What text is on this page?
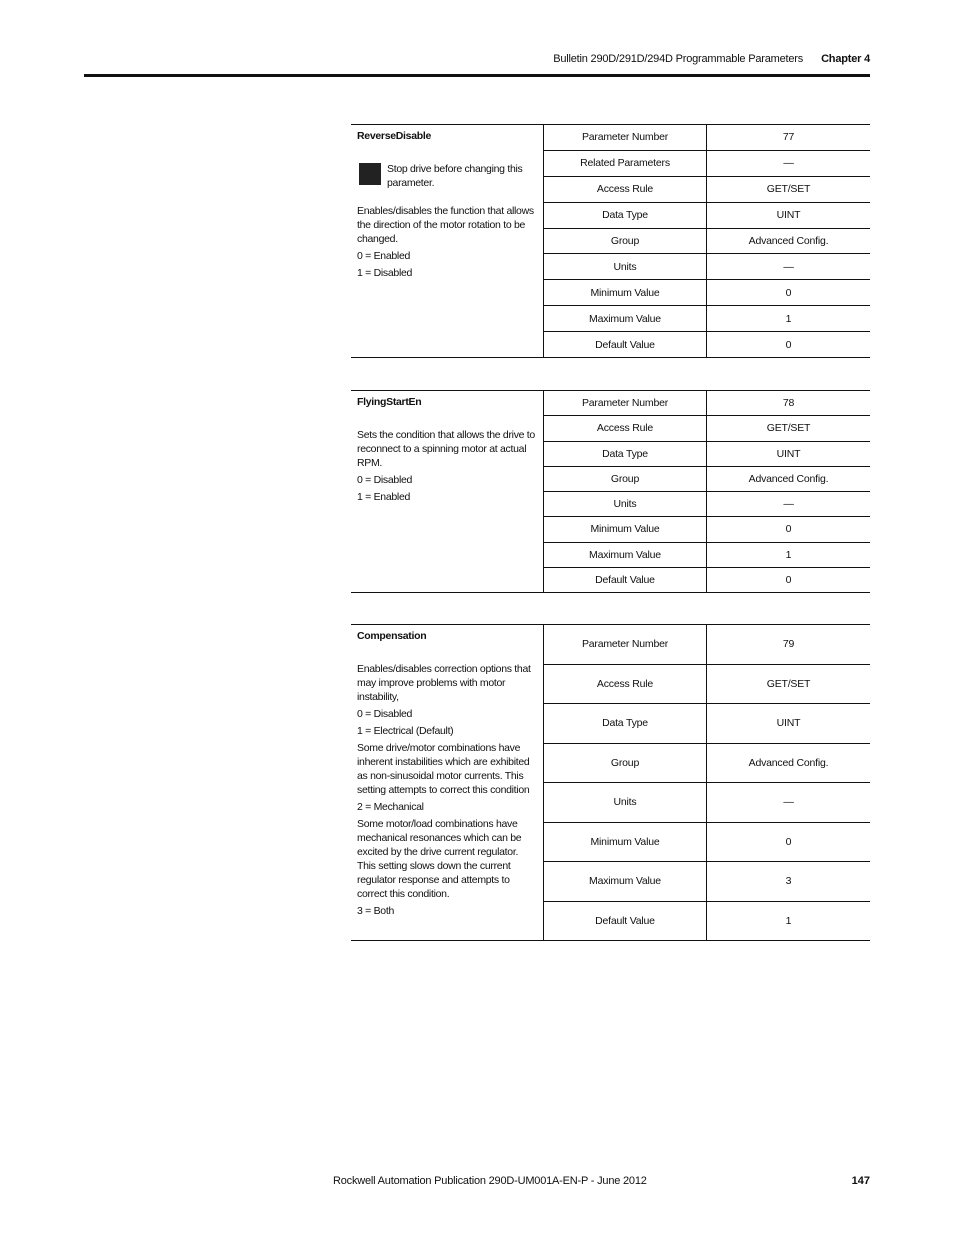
Bulletin 290D/291D/294D Programmable Parameters Chapter 4
ReverseDisable
Stop drive before changing this parameter.

Enables/disables the function that allows the direction of the motor rotation to be changed.

0 = Enabled

1 = Disabled

Parameter Number	77
Related Parameters	—
Access Rule	GET/SET
Data Type	UINT
Group	Advanced Config.
Units	—
Minimum Value	0
Maximum Value	1
Default Value	0
FlyingStartEn

Sets the condition that allows the drive to reconnect to a spinning motor at actual RPM.

0 = Disabled

1 = Enabled

Parameter Number	78
Access Rule	GET/SET
Data Type	UINT
Group	Advanced Config.
Units	—
Minimum Value	0
Maximum Value	1
Default Value	0
Compensation

Enables/disables correction options that may improve problems with motor instability,

0 = Disabled

1 = Electrical (Default)

Some drive/motor combinations have inherent instabilities which are exhibited as non-sinusoidal motor currents. This setting attempts to correct this condition

2 = Mechanical

Some motor/load combinations have mechanical resonances which can be excited by the drive current regulator. This setting slows down the current regulator response and attempts to correct this condition.

3 = Both

Parameter Number	79
Access Rule	GET/SET
Data Type	UINT
Group	Advanced Config.
Units	—
Minimum Value	0
Maximum Value	3
Default Value	1
Rockwell Automation Publication 290D-UM001A-EN-P - June 2012	147
